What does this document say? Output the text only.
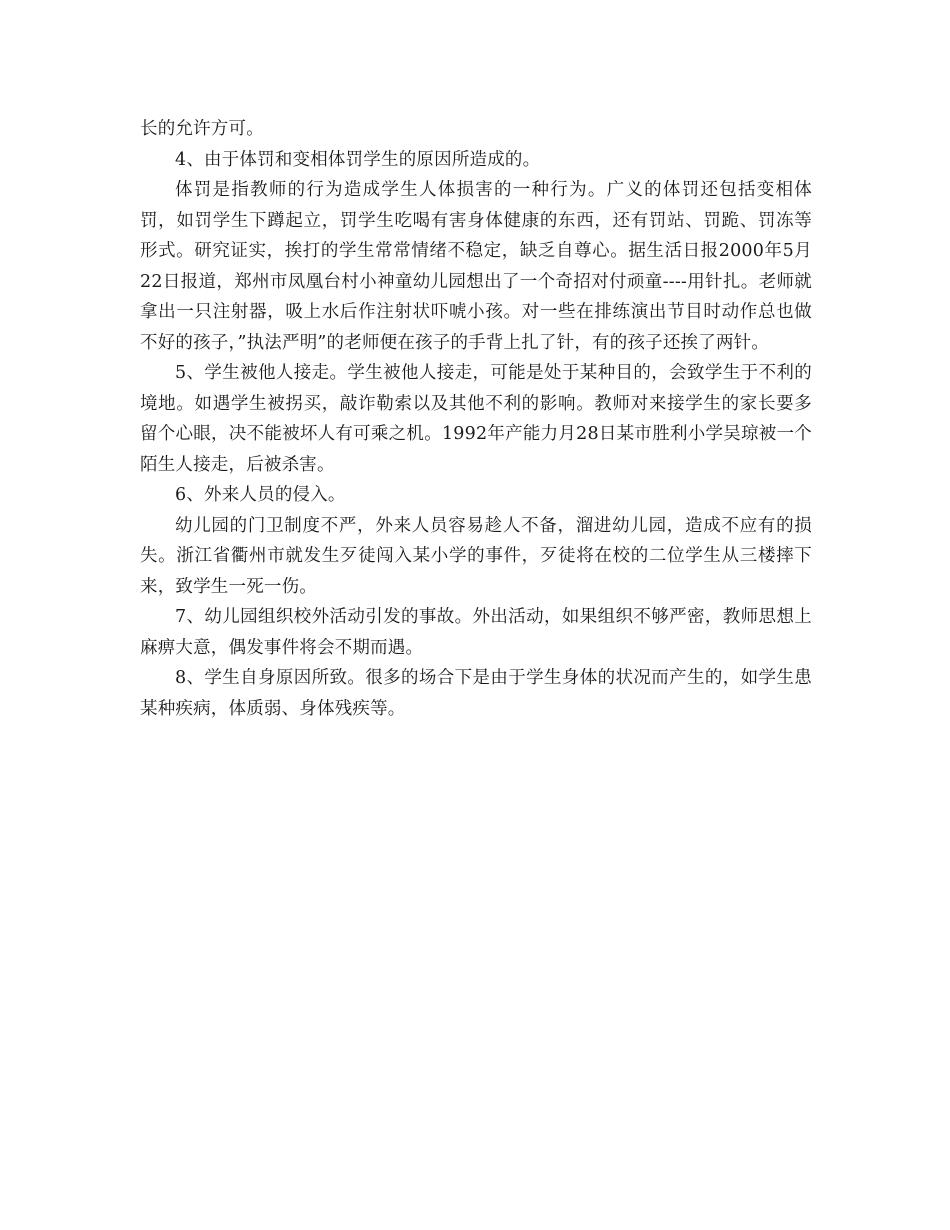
长的允许方可。

4、由于体罚和变相体罚学生的原因所造成的。

体罚是指教师的行为造成学生人体损害的一种行为。广义的体罚还包括变相体罚，如罚学生下蹲起立，罚学生吃喝有害身体健康的东西，还有罚站、罚跪、罚冻等形式。研究证实，挨打的学生常常情绪不稳定，缺乏自尊心。据生活日报2000年5月22日报道，郑州市凤凰台村小神童幼儿园想出了一个奇招对付顽童----用针扎。老师就拿出一只注射器，吸上水后作注射状吓唬小孩。对一些在排练演出节目时动作总也做不好的孩子，”执法严明”的老师便在孩子的手背上扎了针，有的孩子还挨了两针。

5、学生被他人接走。学生被他人接走，可能是处于某种目的，会致学生于不利的境地。如遇学生被拐买，敲诈勒索以及其他不利的影响。教师对来接学生的家长要多留个心眼，决不能被坏人有可乘之机。1992年产能力月28日某市胜利小学吴琼被一个陌生人接走，后被杀害。

6、外来人员的侵入。

幼儿园的门卫制度不严，外来人员容易趁人不备，溜进幼儿园，造成不应有的损失。浙江省衢州市就发生歹徒闯入某小学的事件，歹徒将在校的二位学生从三楼摔下来，致学生一死一伤。

7、幼儿园组织校外活动引发的事故。外出活动，如果组织不够严密，教师思想上麻痹大意，偶发事件将会不期而遇。

8、学生自身原因所致。很多的场合下是由于学生身体的状况而产生的，如学生患某种疾病，体质弱、身体残疾等。
